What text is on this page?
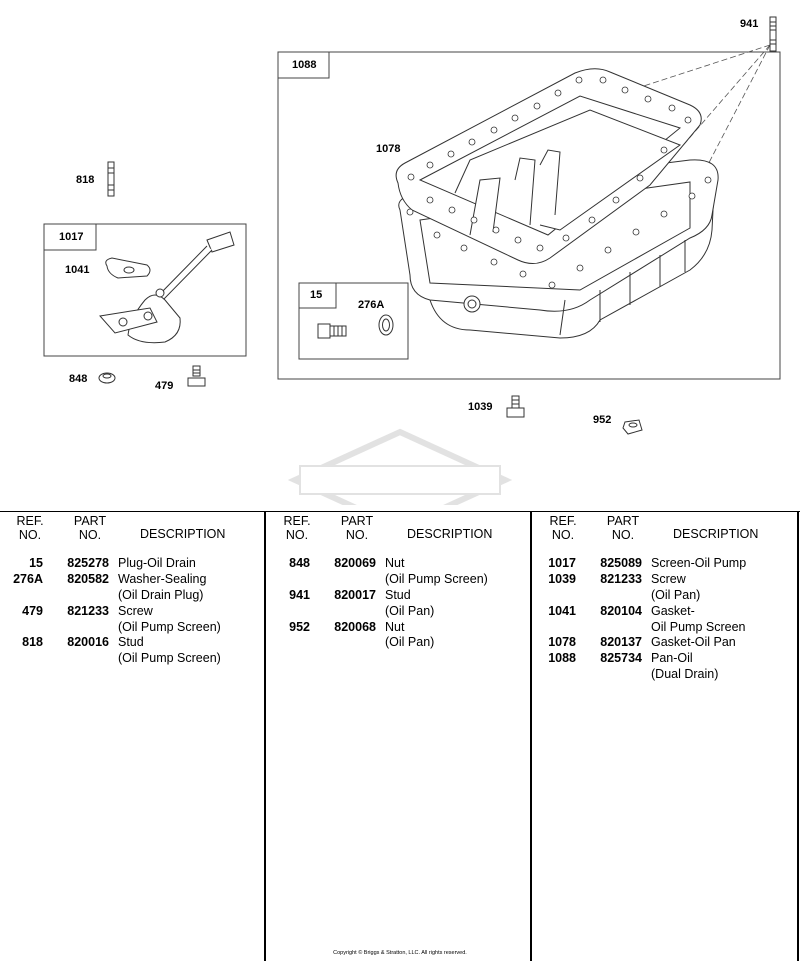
1088
1017
15
941
1078
818
1041
848
479
276A
1039
952
REF.
NO.
PART
NO.	DESCRIPTION
15	825278 Plug-Oil Drain
276A	820582 Washer-Sealing
(Oil Drain Plug)
479	821233 Screw
(Oil Pump Screen)
818	820016 Stud
(Oil Pump Screen)
REF.
NO.
PART
NO.	DESCRIPTION
848	820069 Nut
(Oil Pump Screen)
941	820017 Stud
(Oil Pan)
952	820068 Nut
(Oil Pan)
REF.
NO.
PART
NO.	DESCRIPTION
1017	825089 Screen-Oil Pump
1039	821233 Screw
(Oil Pan)
1041	820104 Gasket-
Oil Pump Screen
1078	820137 Gasket-Oil Pan
1088	825734 Pan-Oil
(Dual Drain)
Copyright © Briggs & Stratton, LLC. All rights reserved.
